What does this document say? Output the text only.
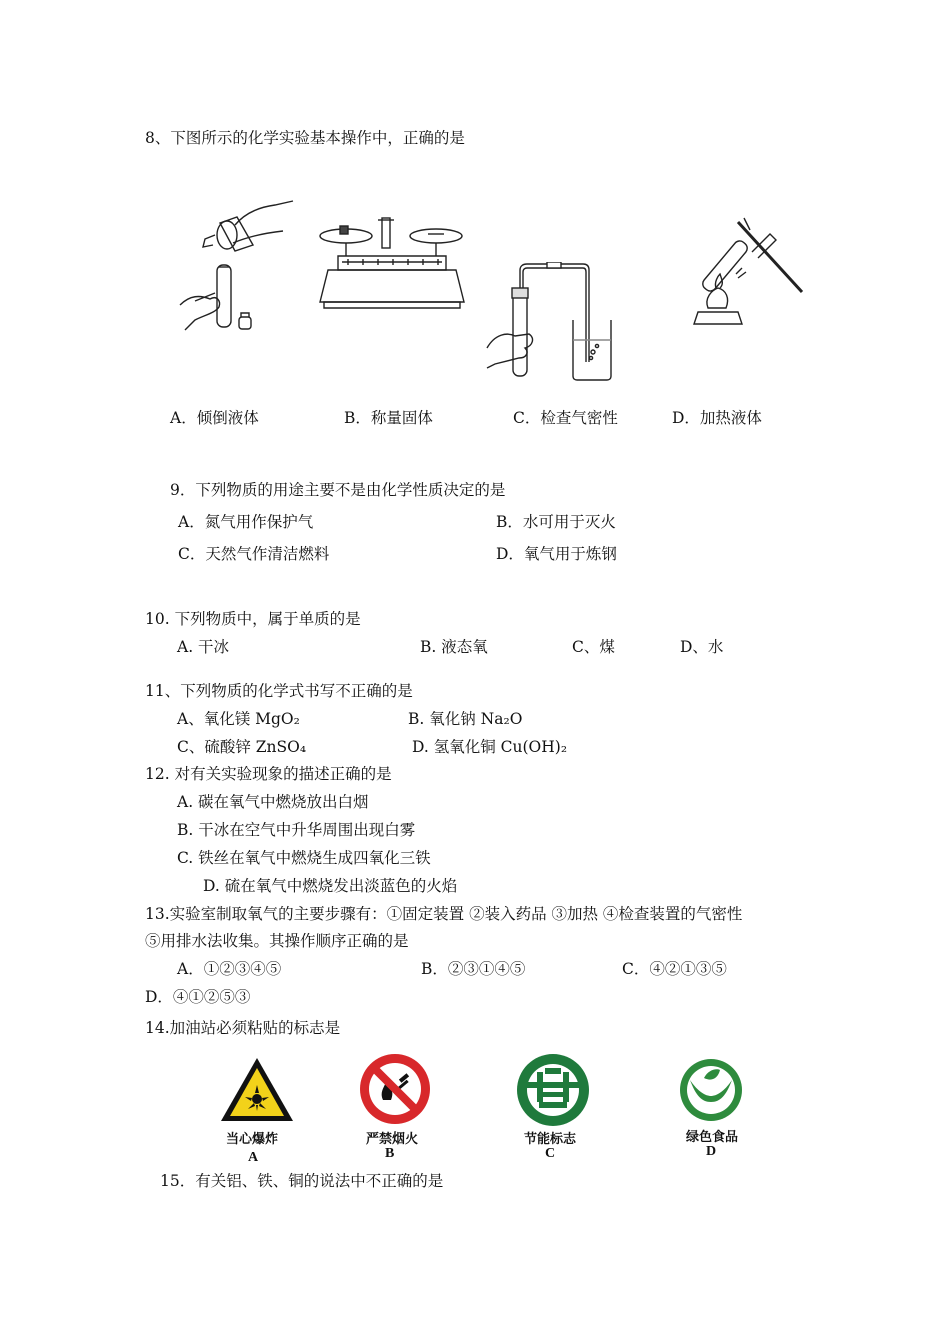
8、下图所示的化学实验基本操作中，正确的是
A．倾倒液体	B．称量固体	C．检查气密性	D．加热液体
9．下列物质的用途主要不是由化学性质决定的是
A．氮气用作保护气	B．水可用于灭火
C．天然气作清洁燃料	D．氧气用于炼钢
10. 下列物质中，属于单质的是
A. 干冰	B. 液态氧	C、煤	D、水
11、下列物质的化学式书写不正确的是
A、氧化镁 MgO₂	B. 氧化钠 Na₂O
C、硫酸锌 ZnSO₄	D. 氢氧化铜 Cu(OH)₂
12. 对有关实验现象的描述正确的是
A. 碳在氧气中燃烧放出白烟
B. 干冰在空气中升华周围出现白雾
C. 铁丝在氧气中燃烧生成四氧化三铁
D. 硫在氧气中燃烧发出淡蓝色的火焰
13.实验室制取氧气的主要步骤有：①固定装置 ②装入药品 ③加热 ④检查装置的气密性
⑤用排水法收集。其操作顺序正确的是
A．①②③④⑤	B．②③①④⑤	C．④②①③⑤
D．④①②⑤③
14.加油站必须粘贴的标志是
当心爆炸
A
严禁烟火
B
节能标志
C
绿色食品
D
15．有关铝、铁、铜的说法中不正确的是
